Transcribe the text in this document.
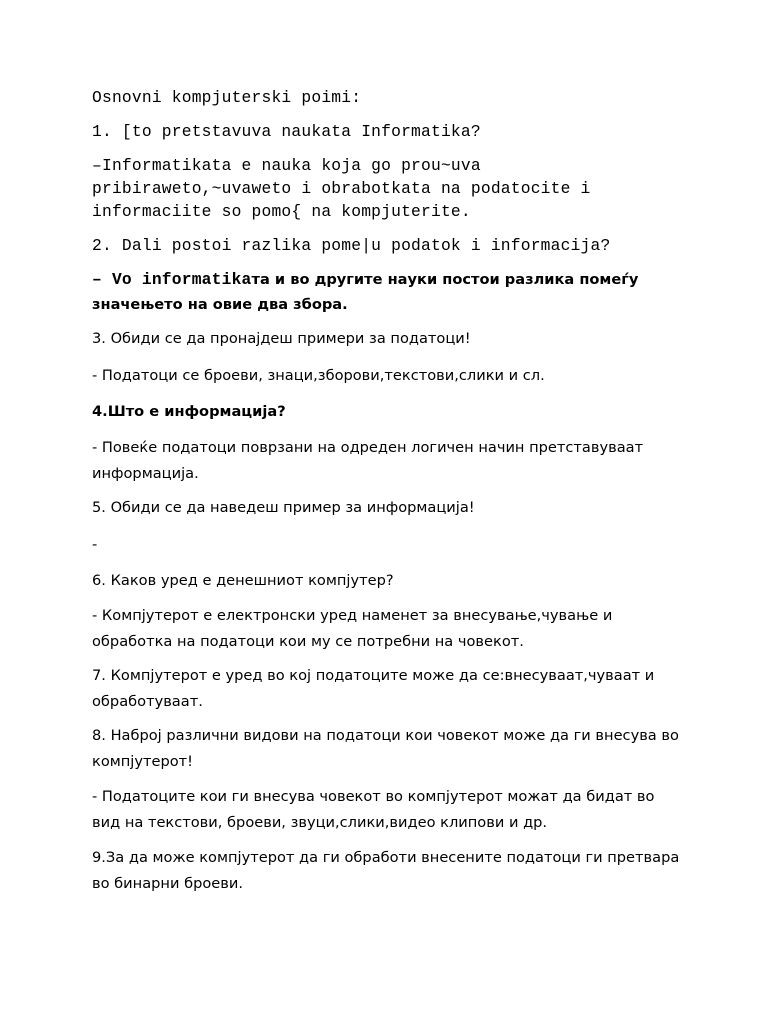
Osnovni kompjuterski poimi:

1. [to pretstavuva naukata Informatika?

–Informatikata e nauka koja go prou~uva

pribiraweto,~uvaweto i obrabotkata na podatocite i

informaciite so pomo{ na kompjuterite.

2. Dali postoi razlika pome|u podatok i informacija?

– Vo informatikaта и во другите науки постои разлика помеѓу

значењето на овие два збора.

3. Обиди се да пронајдеш примери за податоци!

- Податоци се броеви, знаци,зборови,текстови,слики и сл.

4.Што е информација?

- Повеќе податоци поврзани на одреден логичен начин претставуваат

информација.

5. Обиди се да наведеш пример за информација!

-

6. Каков уред е денешниот компјутер?

- Компјутерот е електронски уред наменет за внесување,чување и

обработка на податоци кои му се потребни на човекот.

7. Компјутерот е уред во кој податоците може да се:внесуваат,чуваат и

обработуваат.

8. Наброј различни видови на податоци кои човекот може да ги внесува во

компјутерот!

- Податоците кои ги внесува човекот во компјутерот можат да бидат во

вид на текстови, броеви, звуци,слики,видео клипови и др.

9.За да може компјутерот да ги обработи внесените податоци ги претвара

во бинарни броеви.
